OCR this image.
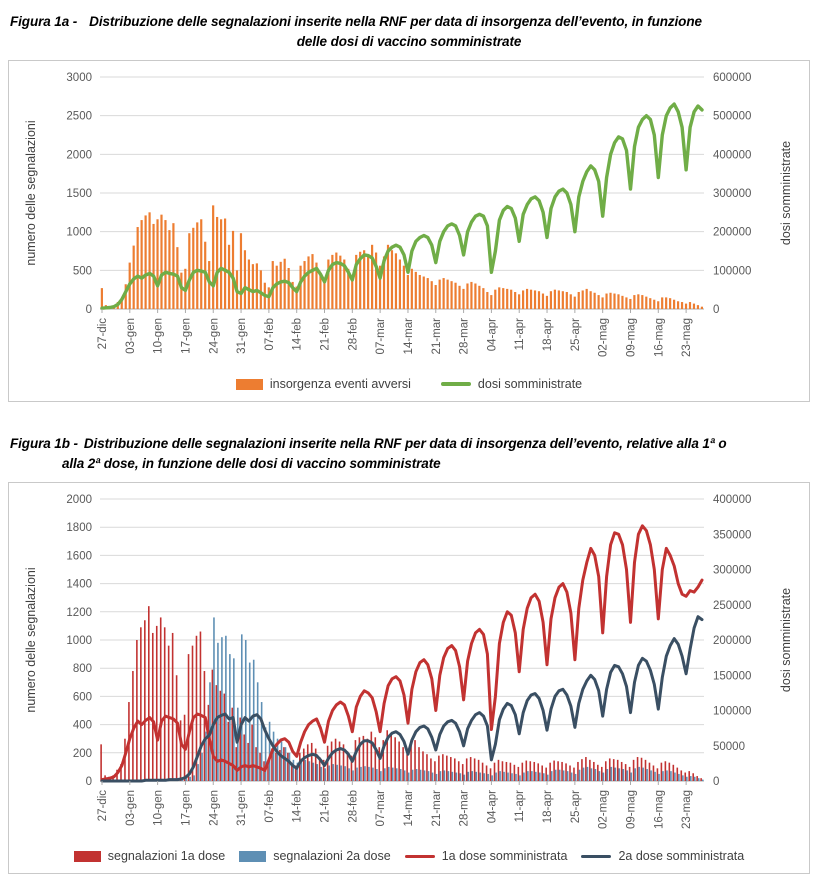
Figura 1a - Distribuzione delle segnalazioni inserite nella RNF per data di insorgenza dell’evento, in funzione
delle dosi di vaccino somministrate
0
500
1000
1500
2000
2500
3000
0
100000
200000
300000
400000
500000
600000
27-dic 03-gen 10-gen 17-gen 24-gen 31-gen 07-feb 14-feb 21-feb 28-feb 07-mar 14-mar 21-mar 28-mar 04-apr 11-apr 18-apr 25-apr 02-mag 09-mag 16-mag 23-mag
numero delle segnalazioni	dosi somministrate
insorgenza eventi avversi	dosi somministrate
Figura 1b - Distribuzione delle segnalazioni inserite nella RNF per data di insorgenza dell’evento, relative alla 1ª o
alla 2ª dose, in funzione delle dosi di vaccino somministrate
0
200
400
600
800
1000
1200
1400
1600
1800
2000
0
50000
100000
150000
200000
250000
300000
350000
400000
27-dic 03-gen 10-gen 17-gen 24-gen 31-gen 07-feb 14-feb 21-feb 28-feb 07-mar 14-mar 21-mar 28-mar 04-apr 11-apr 18-apr 25-apr 02-mag 09-mag 16-mag 23-mag
numero delle segnalazioni	dosi somministrate
segnalazioni 1a dose	segnalazioni 2a dose	1a dose somministrata	2a dose somministrata
